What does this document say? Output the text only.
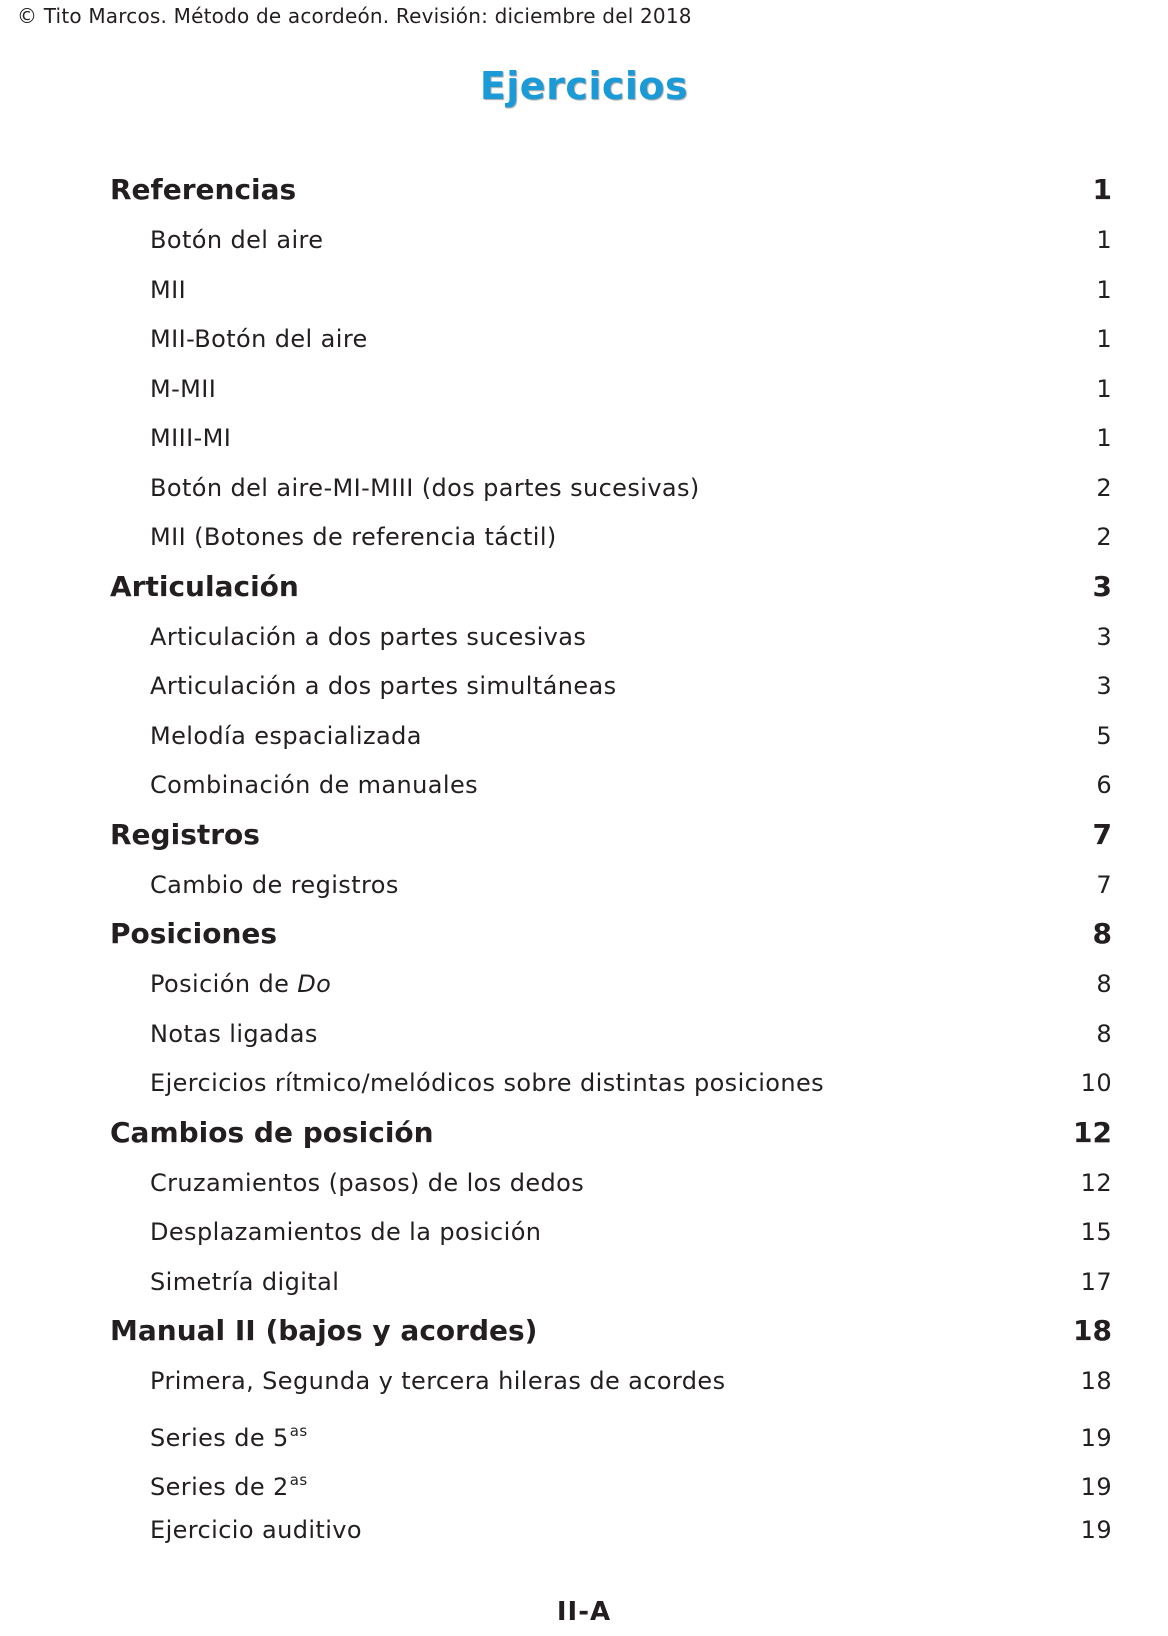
© Tito Marcos. Método de acordeón. Revisión: diciembre del 2018
Ejercicios
Referencias	1
Botón del aire	1
MII	1
MII-Botón del aire	1
M-MII	1
MIII-MI	1
Botón del aire-MI-MIII (dos partes sucesivas)	2
MII (Botones de referencia táctil)	2
Articulación	3
Articulación a dos partes sucesivas	3
Articulación a dos partes simultáneas	3
Melodía espacializada	5
Combinación de manuales	6
Registros	7
Cambio de registros	7
Posiciones	8
Posición de Do	8
Notas ligadas	8
Ejercicios rítmico/melódicos sobre distintas posiciones	10
Cambios de posición	12
Cruzamientos (pasos) de los dedos	12
Desplazamientos de la posición	15
Simetría digital	17
Manual II (bajos y acordes)	18
Primera, Segunda y tercera hileras de acordes	18
Series de $5^{as}$	19
Series de $2^{as}$	19
Ejercicio auditivo	19
II-A
